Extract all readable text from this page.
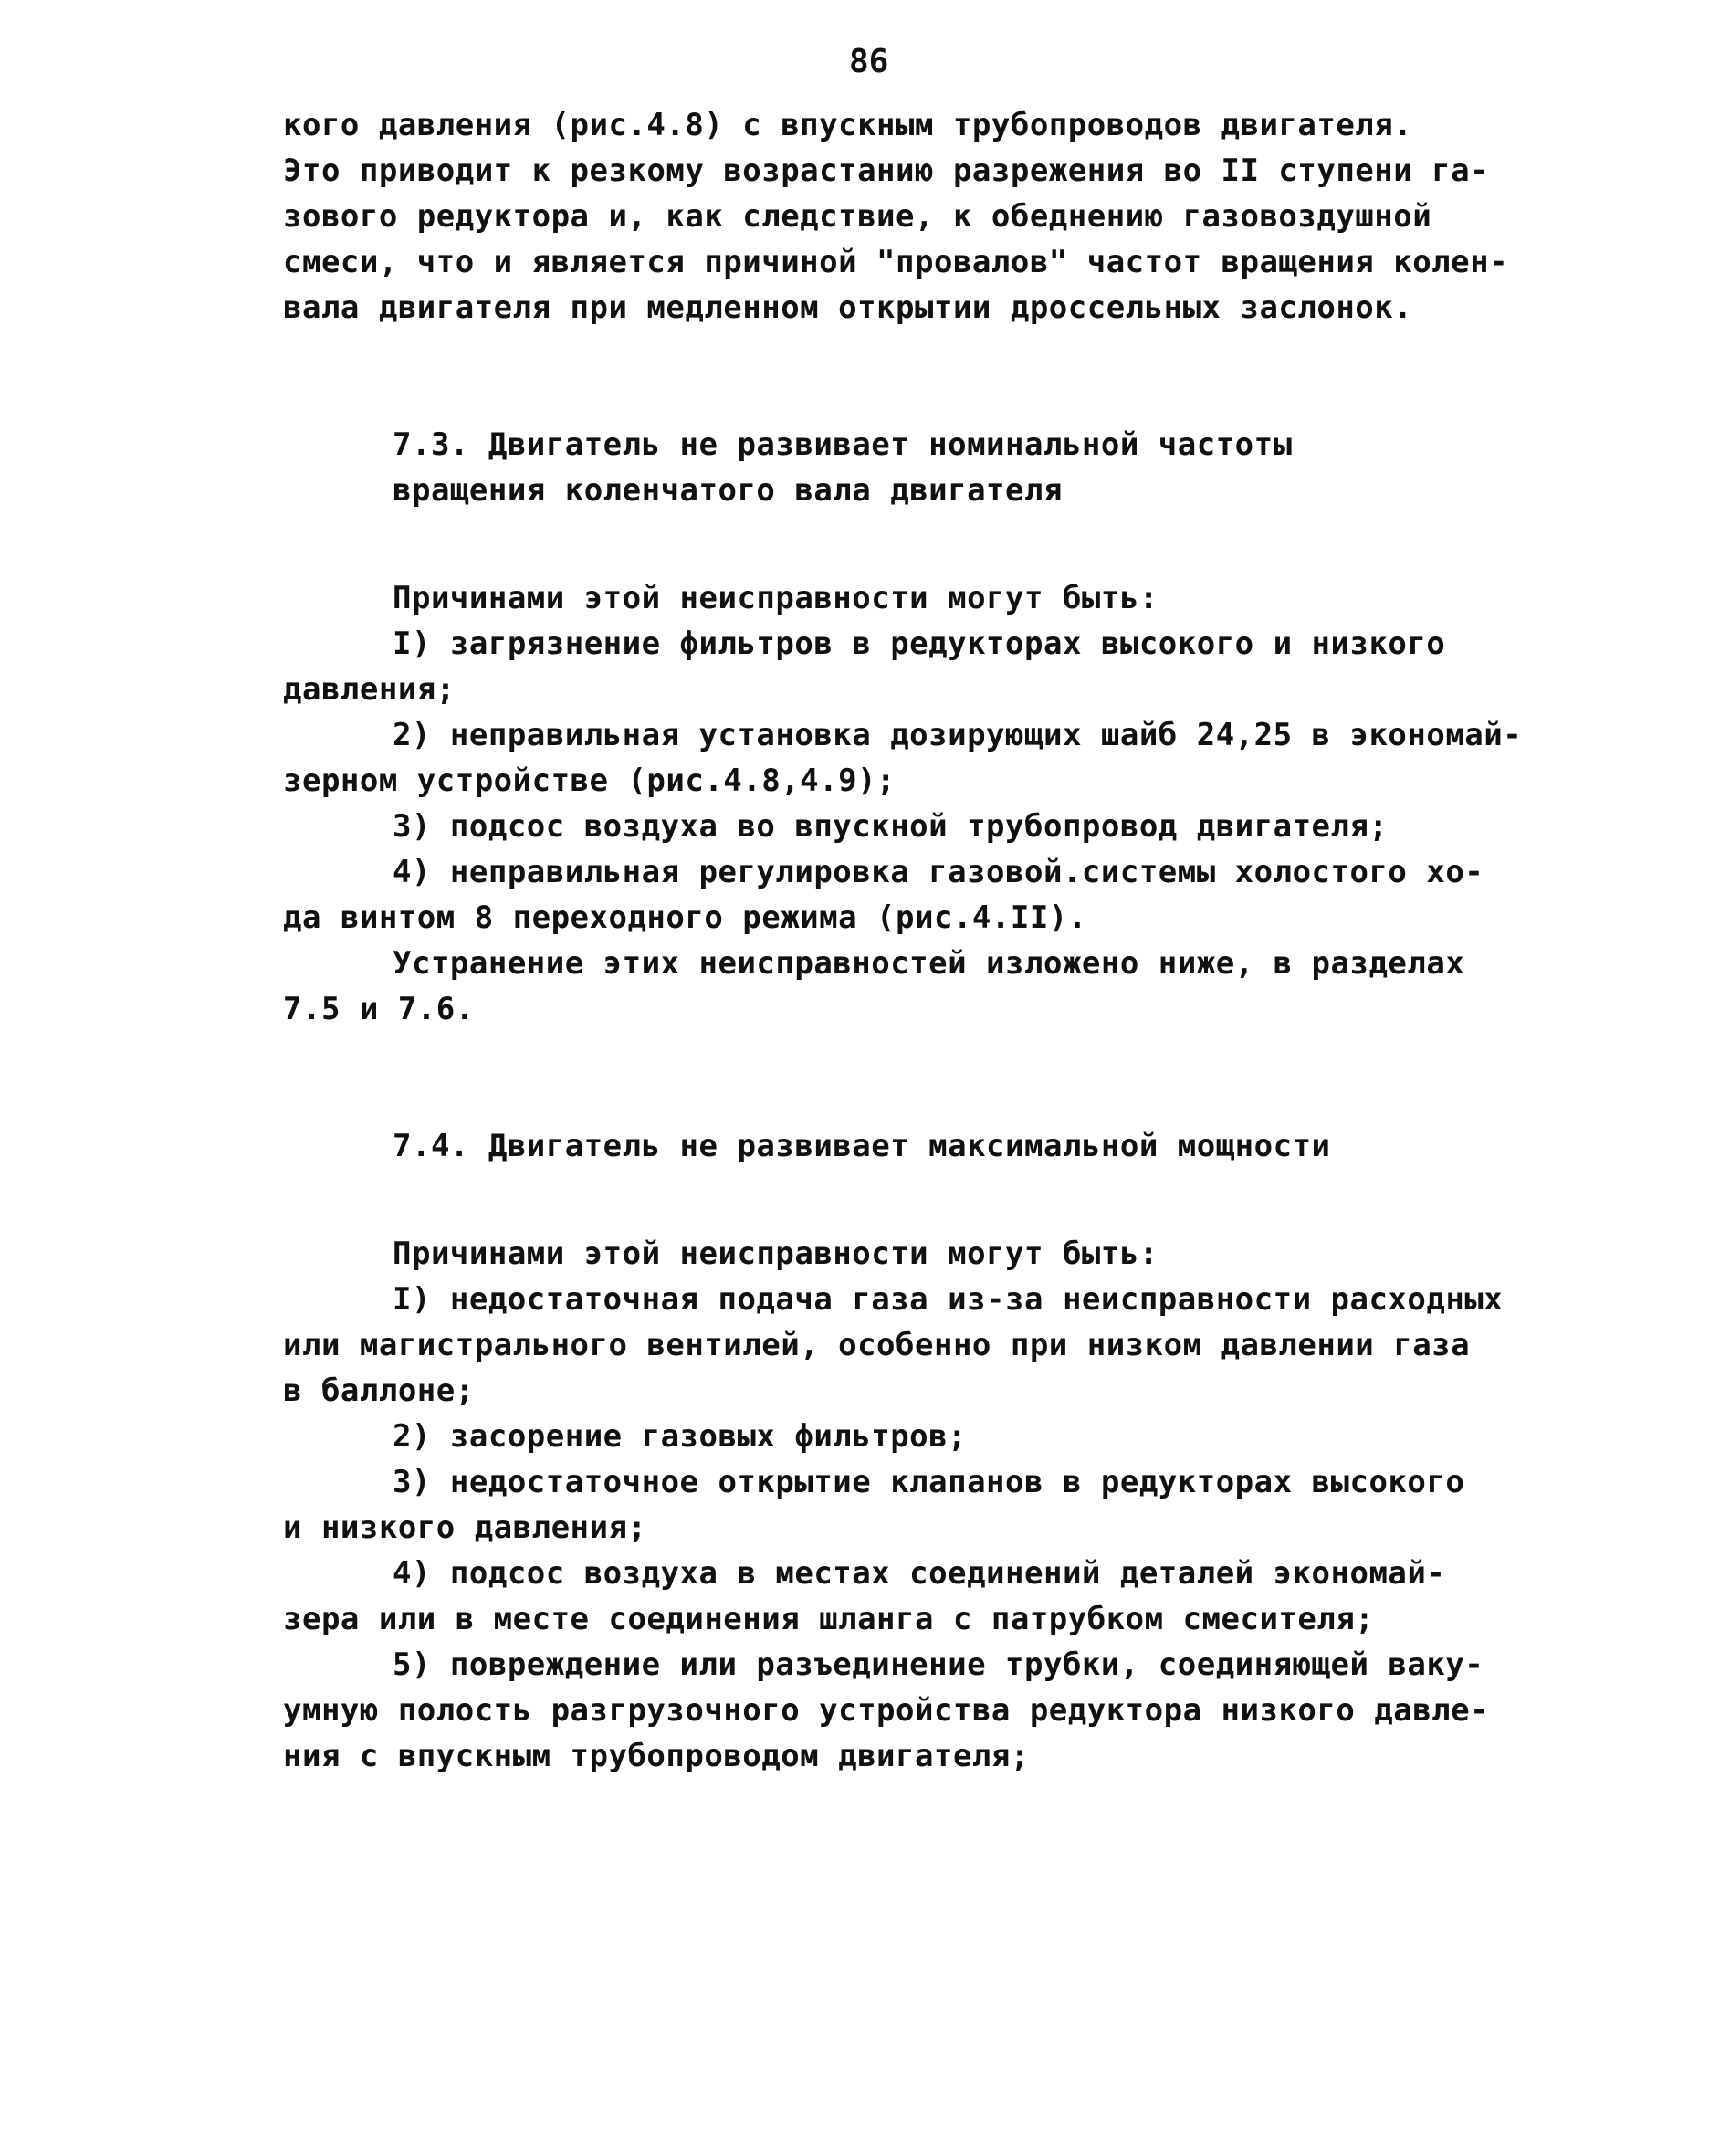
86
кого давления (рис.4.8) с впускным трубопроводов двигателя.
Это приводит к резкому возрастанию разрежения во II ступени га-
зового редуктора и, как следствие, к обеднению газовоздушной
смеси, что и является причиной "провалов" частот вращения колен-
вала двигателя при медленном открытии дроссельных заслонок.
7.3. Двигатель не развивает номинальной частоты
вращения коленчатого вала двигателя
Причинами этой неисправности могут быть:
I) загрязнение фильтров в редукторах высокого и низкого
давления;
2) неправильная установка дозирующих шайб 24,25 в экономай-
зерном устройстве (рис.4.8,4.9);
3) подсос воздуха во впускной трубопровод двигателя;
4) неправильная регулировка газовой.системы холостого хо-
да винтом 8 переходного режима (рис.4.II).
Устранение этих неисправностей изложено ниже, в разделах
7.5 и 7.6.
7.4. Двигатель не развивает максимальной мощности
Причинами этой неисправности могут быть:
I) недостаточная подача газа из-за неисправности расходных
или магистрального вентилей, особенно при низком давлении газа
в баллоне;
2) засорение газовых фильтров;
3) недостаточное открытие клапанов в редукторах высокого
и низкого давления;
4) подсос воздуха в местах соединений деталей экономай-
зера или в месте соединения шланга с патрубком смесителя;
5) повреждение или разъединение трубки, соединяющей ваку-
умную полость разгрузочного устройства редуктора низкого давле-
ния с впускным трубопроводом двигателя;
